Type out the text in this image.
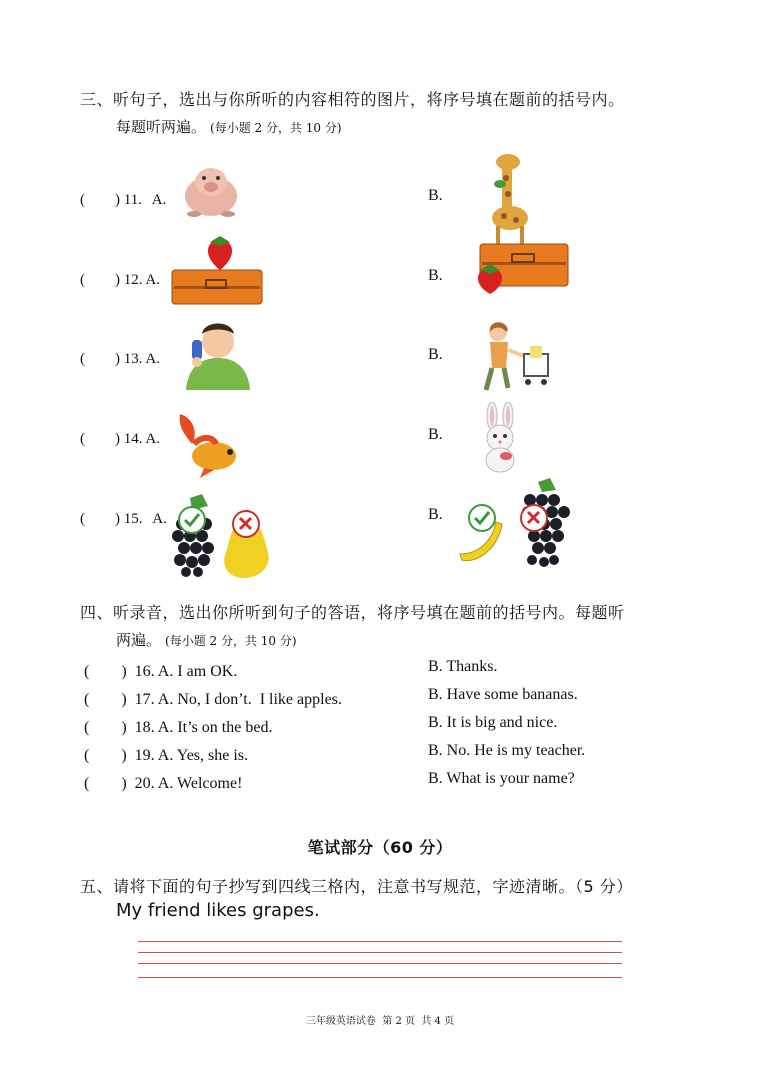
三、听句子，选出与你所听的内容相符的图片，将序号填在题前的括号内。
每题听两遍。 (每小题 2 分，共 10 分)
(　　) 11. A.	B.
(　　) 12. A.	B.
(　　) 13. A.	B.
(　　) 14. A.	B.
(　　) 15. A.	B.
四、听录音，选出你所听到句子的答语，将序号填在题前的括号内。每题听
两遍。 (每小题 2 分，共 10 分)
(　　) 16. A. I am OK.	B. Thanks.
(　　) 17. A. No, I don’t.  I like apples.	B. Have some bananas.
(　　) 18. A. It’s on the bed.	B. It is big and nice.
(　　) 19. A. Yes, she is.	B. No. He is my teacher.
(　　) 20. A. Welcome!	B. What is your name?
笔试部分（60 分）
五、请将下面的句子抄写到四线三格内，注意书写规范，字迹清晰。（5 分）
My friend likes grapes.
三年级英语试卷  第 2 页  共 4 页
